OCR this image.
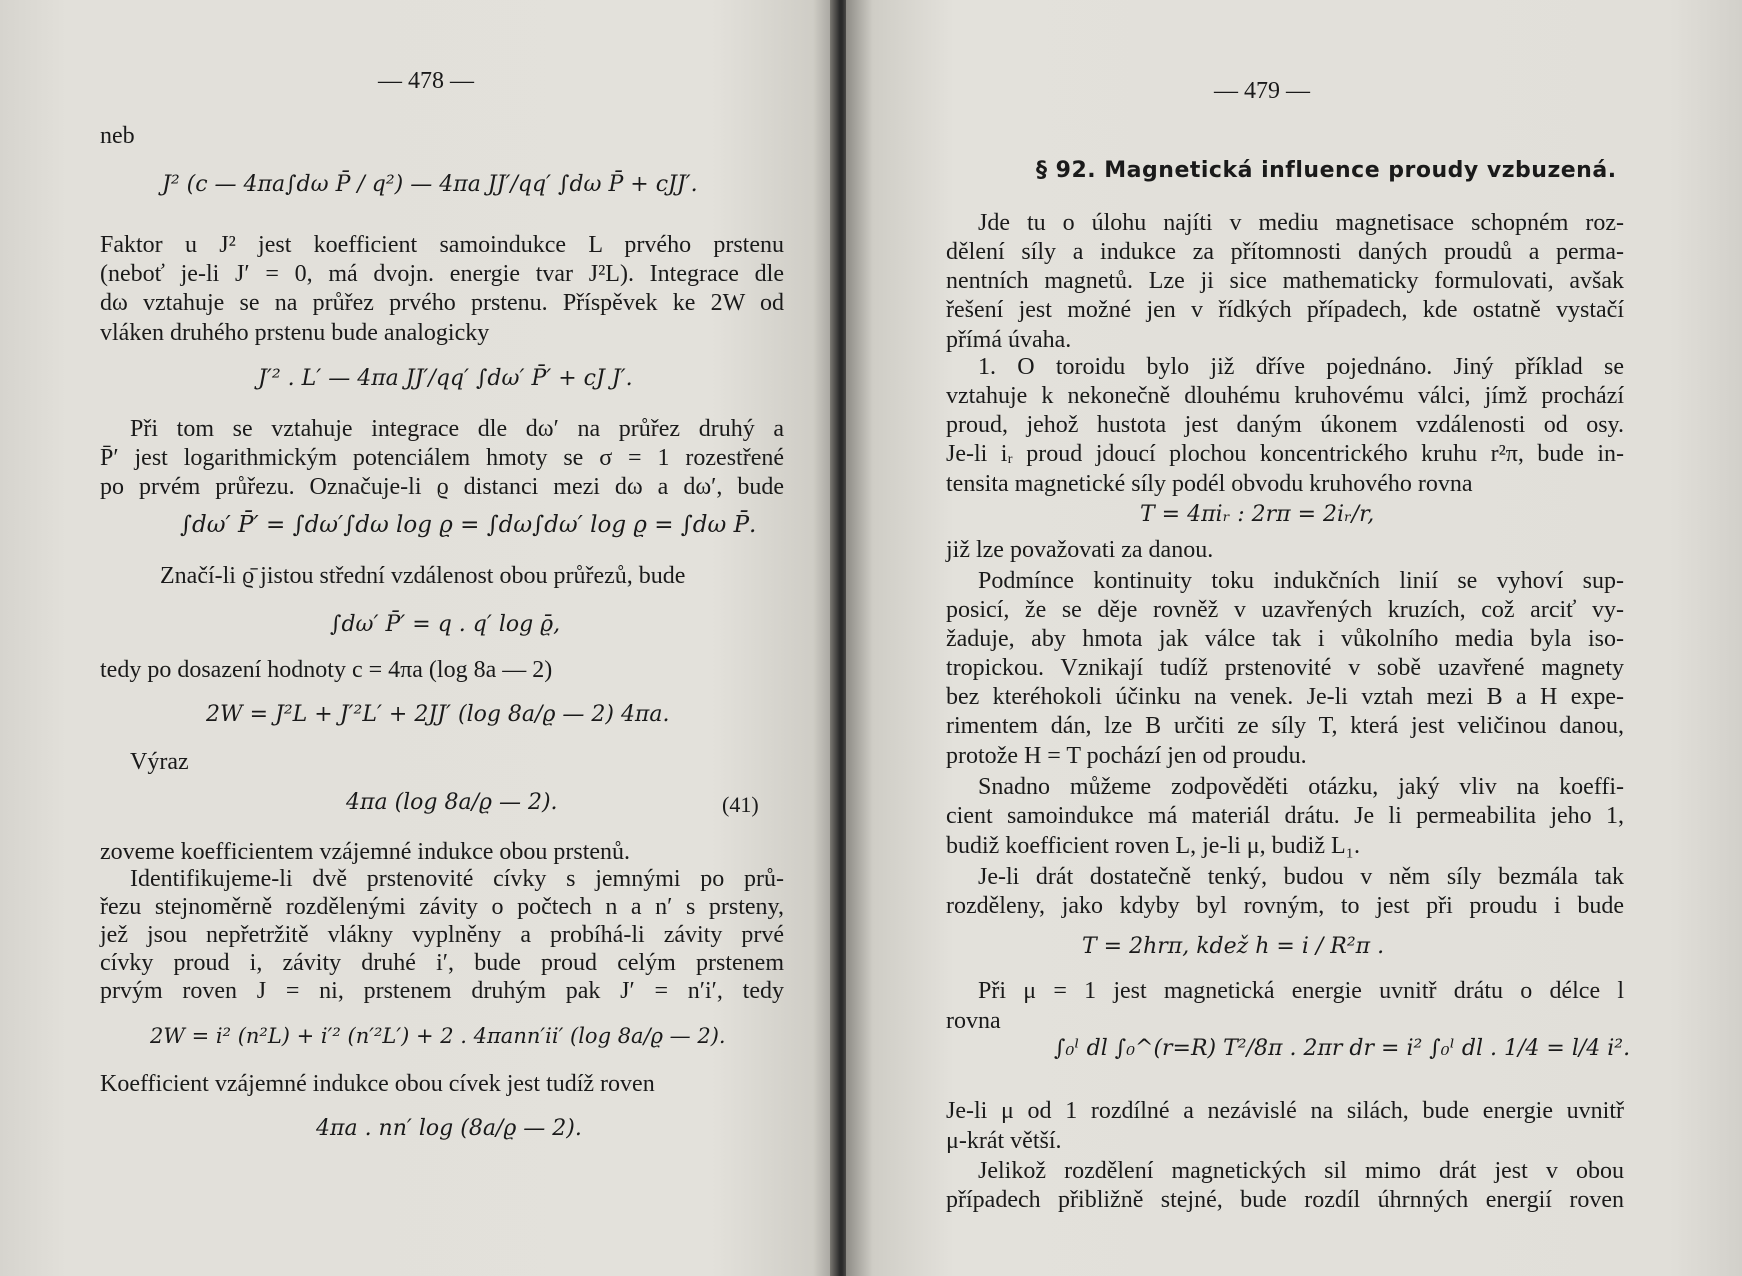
— 478 —
neb
J² (c — 4πa∫dω P̄ / q²) — 4πa JJ′/qq′ ∫dω P̄ + cJJ′.
Faktor u J² jest koefficient samoindukce L prvého prstenu
(neboť je-li J′ = 0, má dvojn. energie tvar J²L). Integrace dle
dω vztahuje se na průřez prvého prstenu. Příspěvek ke 2W od
vláken druhého prstenu bude analogicky
J′² . L′ — 4πa JJ′/qq′ ∫dω′ P̄′ + cJ J′.
Při tom se vztahuje integrace dle dω′ na průřez druhý a
P̄′ jest logarithmickým potenciálem hmoty se σ = 1 rozestřené
po prvém průřezu. Označuje-li ϱ distanci mezi dω a dω′, bude
∫dω′ P̄′ = ∫dω′∫dω log ϱ = ∫dω∫dω′ log ϱ = ∫dω P̄.
Značí-li ϱ̄ jistou střední vzdálenost obou průřezů, bude
∫dω′ P̄′ = q . q′ log ϱ̄,
tedy po dosazení hodnoty c = 4πa (log 8a — 2)
2W = J²L + J′²L′ + 2JJ′ (log 8a/ϱ — 2) 4πa.
Výraz
4πa (log 8a/ϱ — 2).	(41)
zoveme koefficientem vzájemné indukce obou prstenů.
Identifikujeme-li dvě prstenovité cívky s jemnými po prů-
řezu stejnoměrně rozdělenými závity o počtech n a n′ s prsteny,
jež jsou nepřetržitě vlákny vyplněny a probíhá-li závity prvé
cívky proud i, závity druhé i′, bude proud celým prstenem
prvým roven J = ni, prstenem druhým pak J′ = n′i′, tedy
2W = i² (n²L) + i′² (n′²L′) + 2 . 4πann′ii′ (log 8a/ϱ — 2).
Koefficient vzájemné indukce obou cívek jest tudíž roven
4πa . nn′ log (8a/ϱ — 2).
— 479 —
§ 92. Magnetická influence proudy vzbuzená.
Jde tu o úlohu najíti v mediu magnetisace schopném roz-
dělení síly a indukce za přítomnosti daných proudů a perma-
nentních magnetů. Lze ji sice mathematicky formulovati, avšak
řešení jest možné jen v řídkých případech, kde ostatně vystačí
přímá úvaha.
1. O toroidu bylo již dříve pojednáno. Jiný příklad se
vztahuje k nekonečně dlouhému kruhovému válci, jímž prochází
proud, jehož hustota jest daným úkonem vzdálenosti od osy.
Je-li iᵣ proud jdoucí plochou koncentrického kruhu r²π, bude in-
tensita magnetické síly podél obvodu kruhového rovna
T = 4πiᵣ : 2rπ = 2iᵣ/r,
již lze považovati za danou.
Podmínce kontinuity toku indukčních linií se vyhoví sup-
posicí, že se děje rovněž v uzavřených kruzích, což arciť vy-
žaduje, aby hmota jak válce tak i vůkolního media byla iso-
tropickou. Vznikají tudíž prstenovité v sobě uzavřené magnety
bez kteréhokoli účinku na venek. Je-li vztah mezi B a H expe-
rimentem dán, lze B určiti ze síly T, která jest veličinou danou,
protože H = T pochází jen od proudu.
Snadno můžeme zodpověděti otázku, jaký vliv na koeffi-
cient samoindukce má materiál drátu. Je li permeabilita jeho 1,
budiž koefficient roven L, je-li μ, budiž L₁.
Je-li drát dostatečně tenký, budou v něm síly bezmála tak
rozděleny, jako kdyby byl rovným, to jest při proudu i bude
T = 2hrπ, kdež h = i / R²π .
Při μ = 1 jest magnetická energie uvnitř drátu o délce l
rovna
∫₀ˡ dl ∫₀^(r=R) T²/8π . 2πr dr = i² ∫₀ˡ dl . 1/4 = l/4 i².
Je-li μ od 1 rozdílné a nezávislé na silách, bude energie uvnitř
μ-krát větší.
Jelikož rozdělení magnetických sil mimo drát jest v obou
případech přibližně stejné, bude rozdíl úhrnných energií roven
